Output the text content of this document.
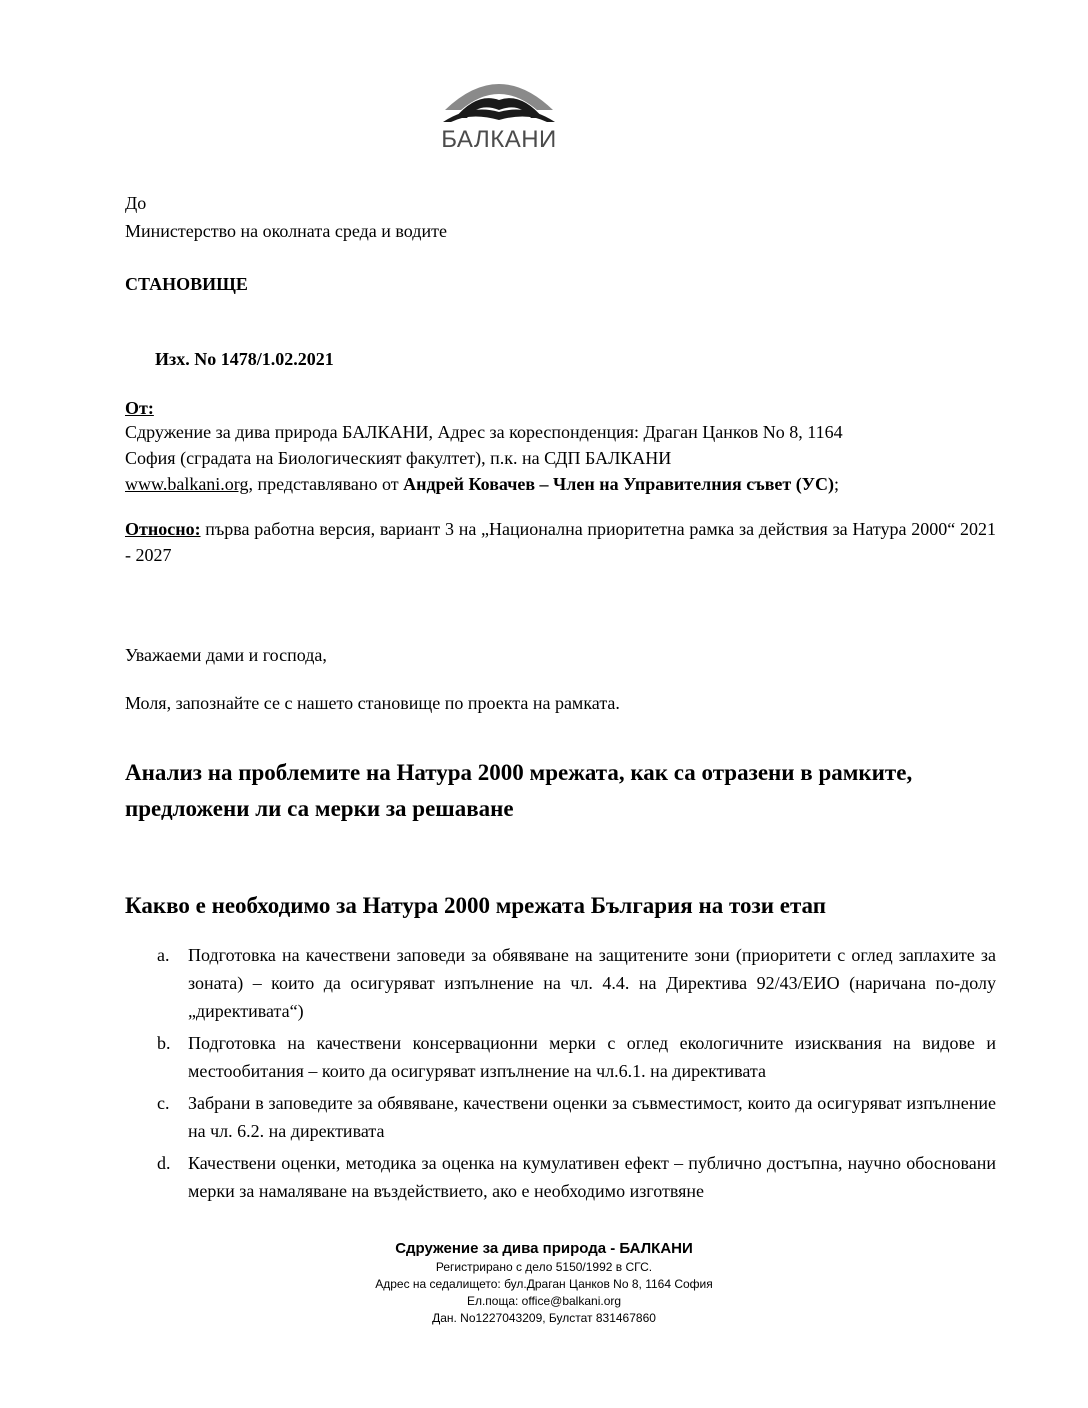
БАЛКАНИ
До
Министерство на околната среда и водите
СТАНОВИЩЕ
Изх. No 1478/1.02.2021
От:
Сдружение за дива природа БАЛКАНИ, Адрес за кореспонденция: Драган Цанков No 8, 1164
София (сградата на Биологическият факултет), п.к. на СДП БАЛКАНИ
www.balkani.org, представлявано от Андрей Ковачев – Член на Управителния съвет (УС);
Относно: първа работна версия, вариант 3 на „Национална приоритетна рамка за действия за Натура 2000“ 2021 - 2027
Уважаеми дами и господа,
Моля, запознайте се с нашето становище по проекта на рамката.
Анализ на проблемите на Натура 2000 мрежата, как са отразени в рамките, предложени ли са мерки за решаване
Какво е необходимо за Натура 2000 мрежата България на този етап
a. Подготовка на качествени заповеди за обявяване на защитените зони (приоритети с оглед заплахите за зоната) – които да осигуряват изпълнение на чл. 4.4. на Директива 92/43/ЕИО (наричана по-долу „директивата“)
b. Подготовка на качествени консервационни мерки с оглед екологичните изисквания на видове и местообитания – които да осигуряват изпълнение на чл.6.1. на директивата
c. Забрани в заповедите за обявяване, качествени оценки за съвместимост, които да осигуряват изпълнение на чл. 6.2. на директивата
d. Качествени оценки, методика за оценка на кумулативен ефект – публично достъпна, научно обосновани мерки за намаляване на въздействието, ако е необходимо изготвяне
Сдружение за дива природа - БАЛКАНИ
Регистрирано с дело 5150/1992 в СГС.
Адрес на седалището: бул.Драган Цанков No 8, 1164 София
Ел.поща: office@balkani.org
Дан. No1227043209, Булстат 831467860
